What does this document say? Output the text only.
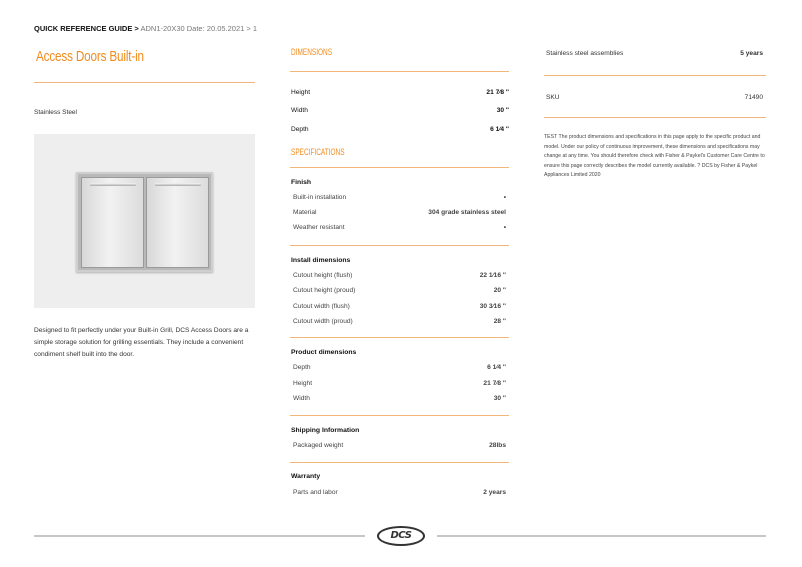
QUICK REFERENCE GUIDE > ADN1-20X30 Date: 20.05.2021 > 1
Access Doors Built-in
Stainless Steel
Designed to fit perfectly under your Built-in Grill, DCS Access Doors are a simple storage solution for grilling essentials. They include a convenient condiment shelf built into the door.
DIMENSIONS
Height	21 7⁄8 ''
Width	30 ''
Depth	6 1⁄4 ''
SPECIFICATIONS
Finish
Built-in installation	•
Material	304 grade stainless steel
Weather resistant	•
Install dimensions
Cutout height (flush)	22 1⁄16 ''
Cutout height (proud)	20 ''
Cutout width (flush)	30 3⁄16 ''
Cutout width (proud)	28 ''
Product dimensions
Depth	6 1⁄4 ''
Height	21 7⁄8 ''
Width	30 ''
Shipping Information
Packaged weight	28lbs
Warranty
Parts and labor	2 years
Stainless steel assemblies	5 years
SKU	71490
TEST The product dimensions and specifications in this page apply to the specific product and model. Under our policy of continuous improvement, these dimensions and specifications may change at any time. You should therefore check with Fisher & Paykel's Customer Care Centre to ensure this page correctly describes the model currently available. ? DCS by Fisher & Paykel Appliances Limited 2020
DCS
